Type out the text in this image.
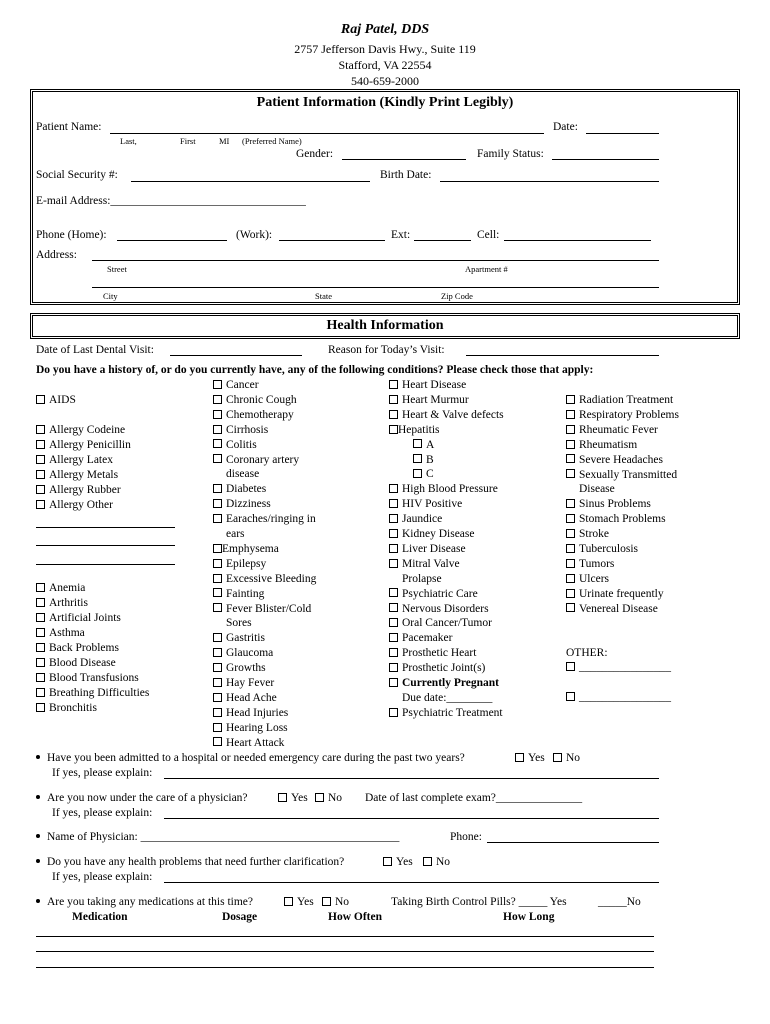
Raj Patel, DDS
2757 Jefferson Davis Hwy., Suite 119
Stafford, VA 22554
540-659-2000
Patient Information (Kindly Print Legibly)
Patient Name:	Date:
Last,	First	MI (Preferred Name)
Gender:	Family Status:
Social Security #:	Birth Date:
E-mail Address:__________________________________
Phone (Home):	(Work):	Ext:	Cell:
Address:
Street	Apartment #
City	State	Zip Code
Health Information
Date of Last Dental Visit:	Reason for Today’s Visit:
Do you have a history of, or do you currently have, any of the following conditions? Please check those that apply:
AIDS
Allergy Codeine
Allergy Penicillin
Allergy Latex
Allergy Metals
Allergy Rubber
Allergy Other
Anemia
Arthritis
Artificial Joints
Asthma
Back Problems
Blood Disease
Blood Transfusions
Breathing Difficulties
Bronchitis
Cancer
Chronic Cough
Chemotherapy
Cirrhosis
Colitis
Coronary artery
disease
Diabetes
Dizziness
Earaches/ringing in
ears
Emphysema
Epilepsy
Excessive Bleeding
Fainting
Fever Blister/Cold
Sores
Gastritis
Glaucoma
Growths
Hay Fever
Head Ache
Head Injuries
Hearing Loss
Heart Attack
Heart Disease
Heart Murmur
Heart & Valve defects
Hepatitis
A
B
C
High Blood Pressure
HIV Positive
Jaundice
Kidney Disease
Liver Disease
Mitral Valve
Prolapse
Psychiatric Care
Nervous Disorders
Oral Cancer/Tumor
Pacemaker
Prosthetic Heart
Prosthetic Joint(s)
Currently Pregnant
Due date:________
Psychiatric Treatment
Radiation Treatment
Respiratory Problems
Rheumatic Fever
Rheumatism
Severe Headaches
Sexually Transmitted
Disease
Sinus Problems
Stomach Problems
Stroke
Tuberculosis
Tumors
Ulcers
Urinate frequently
Venereal Disease
OTHER:
________________
________________
Have you been admitted to a hospital or needed emergency care during the past two years?	Yes	No
If yes, please explain:
Are you now under the care of a physician?	Yes	No Date of last complete exam?_______________
If yes, please explain:
Name of Physician: _____________________________________________	Phone:
Do you have any health problems that need further clarification?	Yes	No
If yes, please explain:
Are you taking any medications at this time?	Yes	No	Taking Birth Control Pills? _____ Yes	_____No
Medication	Dosage	How Often	How Long
